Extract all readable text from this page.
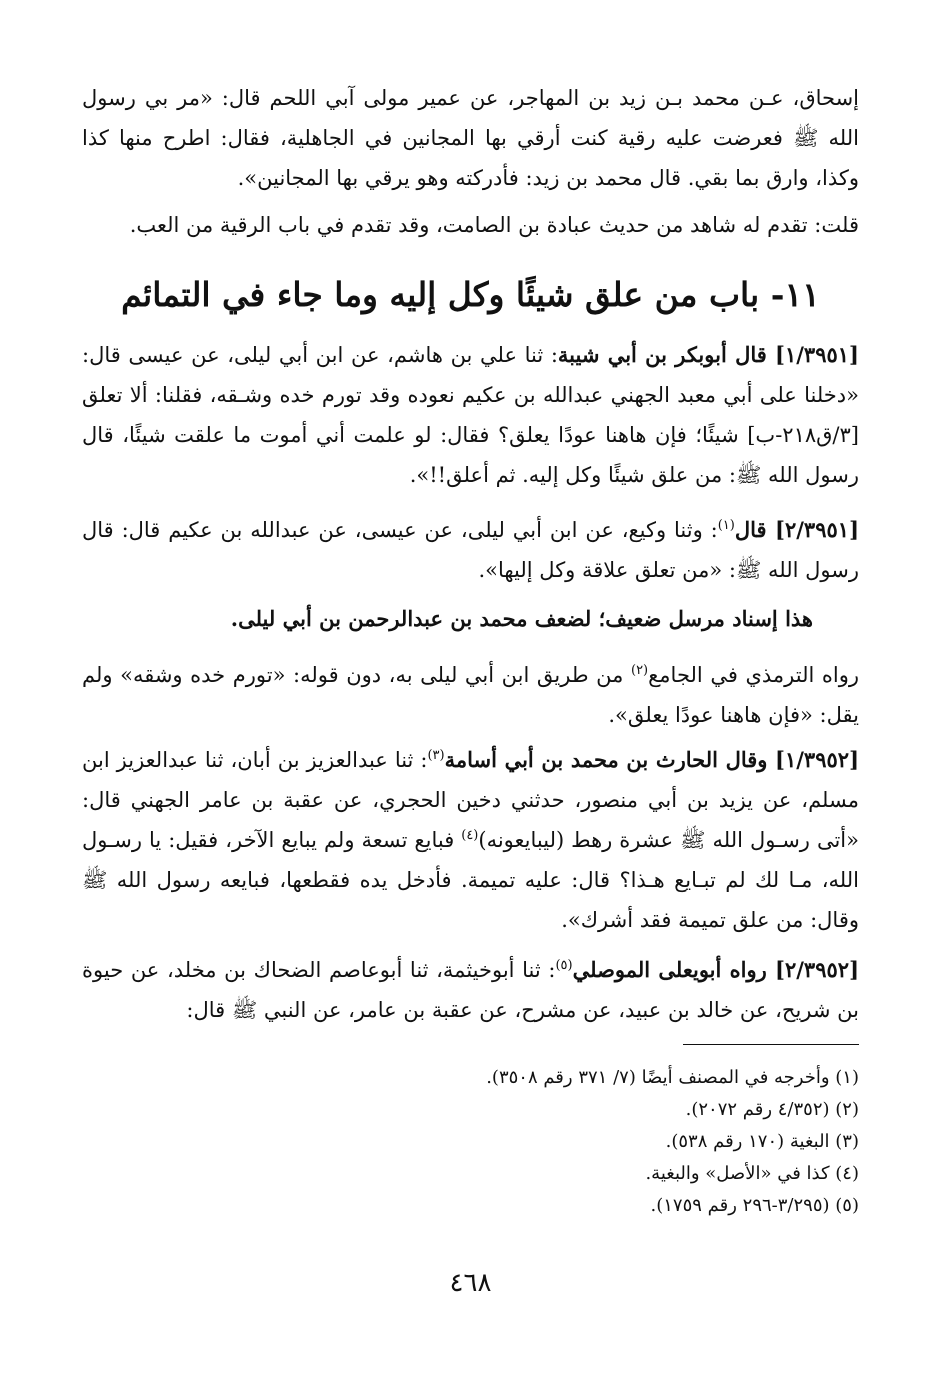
إسحاق، عـن محمد بـن زيد بن المهاجر، عن عمير مولى آبي اللحم قال: «مر بي رسول الله ﷺ فعرضت عليه رقية كنت أرقي بها المجانين في الجاهلية، فقال: اطرح منها كذا وكذا، وارق بما بقي. قال محمد بن زيد: فأدركته وهو يرقي بها المجانين».

قلت: تقدم له شاهد من حديث عبادة بن الصامت، وقد تقدم في باب الرقية من العب.

١١- باب من علق شيئًا وكل إليه وما جاء في التمائم

[١/٣٩٥١] قال أبوبكر بن أبي شيبة: ثنا علي بن هاشم، عن ابن أبي ليلى، عن عيسى قال: «دخلنا على أبي معبد الجهني عبدالله بن عكيم نعوده وقد تورم خده وشـقه، فقلنا: ألا تعلق [٣/ق٢١٨-ب] شيئًا؛ فإن هاهنا عودًا يعلق؟ فقال: لو علمت أني أموت ما علقت شيئًا، قال رسول الله ﷺ: من علق شيئًا وكل إليه. ثم أعلق!!».

[٢/٣٩٥١] قال$^{(١)}$: وثنا وكيع، عن ابن أبي ليلى، عن عيسى، عن عبدالله بن عكيم قال: قال رسول الله ﷺ: «من تعلق علاقة وكل إليها».

هذا إسناد مرسل ضعيف؛ لضعف محمد بن عبدالرحمن بن أبي ليلى.

رواه الترمذي في الجامع$^{(٢)}$ من طريق ابن أبي ليلى به، دون قوله: «تورم خده وشقه» ولم يقل: «فإن هاهنا عودًا يعلق».

[١/٣٩٥٢] وقال الحارث بن محمد بن أبي أسامة$^{(٣)}$: ثنا عبدالعزيز بن أبان، ثنا عبدالعزيز ابن مسلم، عن يزيد بن أبي منصور، حدثني دخين الحجري، عن عقبة بن عامر الجهني قال: «أتى رسـول الله ﷺ عشرة رهط (ليبايعونه)$^{(٤)}$ فبايع تسعة ولم يبايع الآخر، فقيل: يا رسـول الله، مـا لك لم تبـايع هـذا؟ قال: عليه تميمة. فأدخل يده فقطعها، فبايعه رسول الله ﷺ وقال: من علق تميمة فقد أشرك».

[٢/٣٩٥٢] رواه أبويعلى الموصلي$^{(٥)}$: ثنا أبوخيثمة، ثنا أبوعاصم الضحاك بن مخلد، عن حيوة بن شريح، عن خالد بن عبيد، عن مشرح، عن عقبة بن عامر، عن النبي ﷺ قال:

(١) وأخرجه في المصنف أيضًا (٧/ ٣٧١ رقم ٣٥٠٨).
(٢) (٤/٣٥٢ رقم ٢٠٧٢).
(٣) البغية (١٧٠ رقم ٥٣٨).
(٤) كذا في «الأصل» والبغية.
(٥) (٣/٢٩٥-٢٩٦ رقم ١٧٥٩).
٤٦٨
